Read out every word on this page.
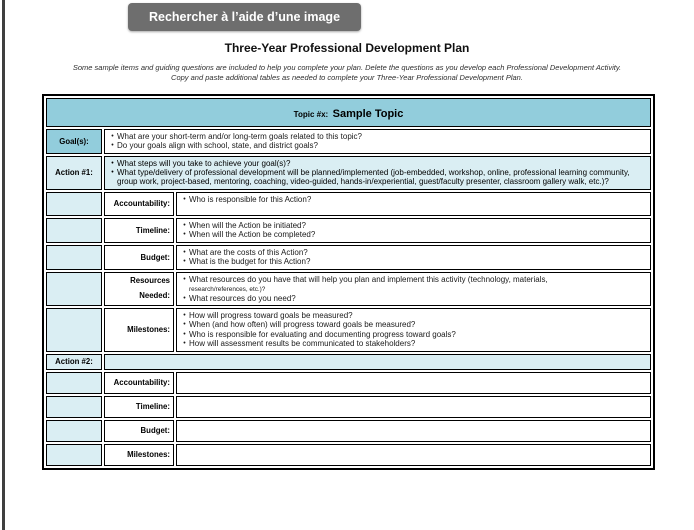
Rechercher à l’aide d’une image
Three-Year Professional Development Plan
Some sample items and guiding questions are included to help you complete your plan. Delete the questions as you develop each Professional Development Activity. Copy and paste additional tables as needed to complete your Three-Year Professional Development Plan.
Topic #x: Sample Topic		
Goal(s):	• What are your short-term and/or long-term goals related to this topic?
• Do your goals align with school, state, and district goals?	

Action #1:	• What steps will you take to achieve your goal(s)?
• What type/delivery of professional development will be planned/implemented (job-embedded, workshop, online, professional learning community, group work, project-based, mentoring, coaching, video-guided, hands-in/experiential, guest/faculty presenter, classroom gallery walk, etc.)?	

	Accountability:	• Who is responsible for this Action?

	Timeline:	• When will the Action be initiated?
• When will the Action be completed?

	Budget:	• What are the costs of this Action?
• What is the budget for this Action?

	Resources Needed:	• What resources do you have that will help you plan and implement this activity (technology, materials,
research/references, etc.)?
• What resources do you need?

	Milestones:	
• How will progress toward goals be measured?
• When (and how often) will progress toward goals be measured?
• Who is responsible for evaluating and documenting progress toward goals?
• How will assessment results be communicated to stakeholders?

Action #2:		
	Accountability:	
	Timeline:	
	Budget:	
	Milestones:	
